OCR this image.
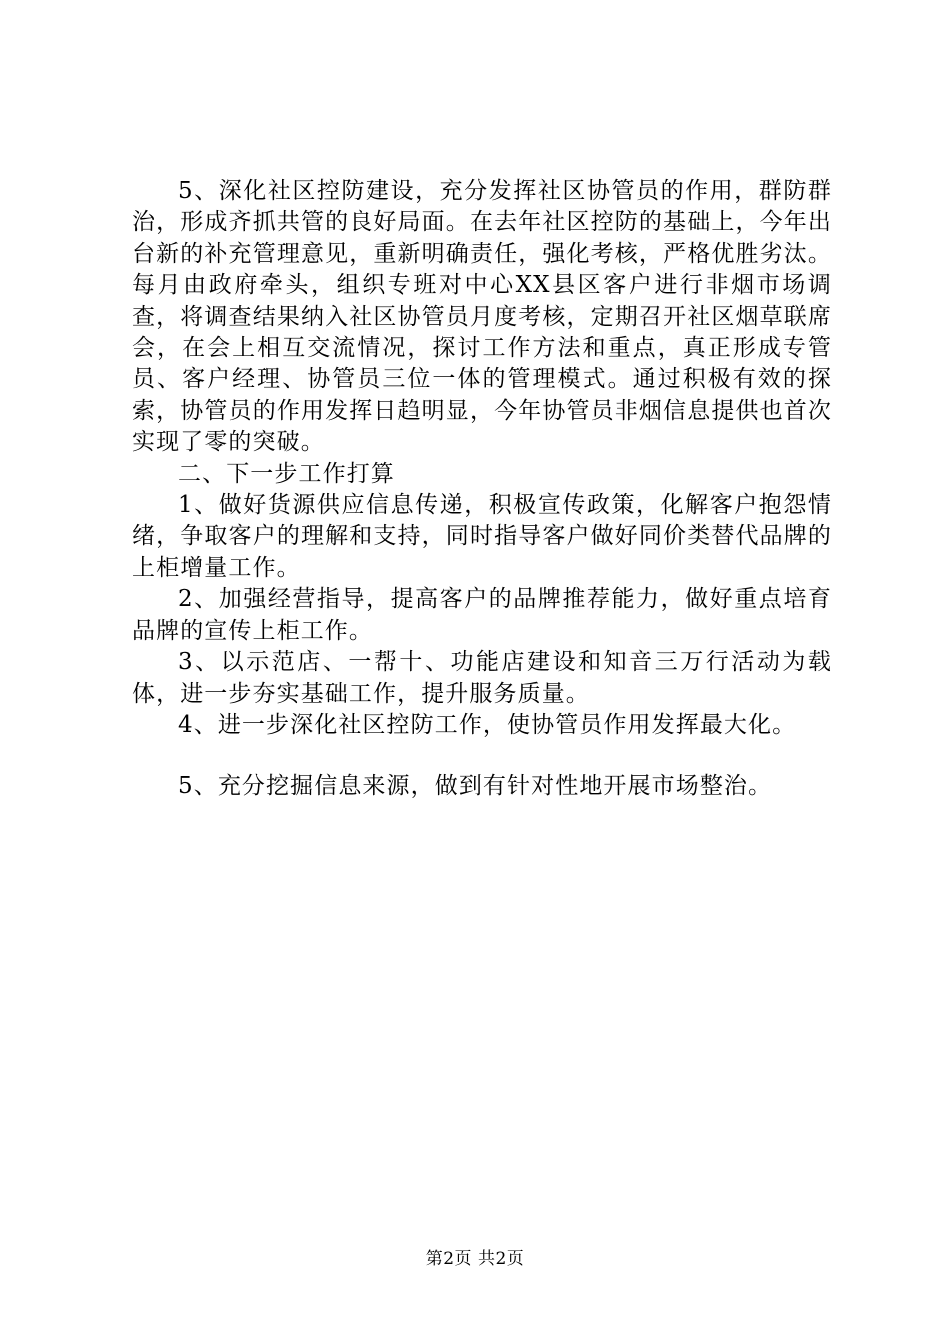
5、深化社区控防建设，充分发挥社区协管员的作用，群防群治，形成齐抓共管的良好局面。在去年社区控防的基础上，今年出台新的补充管理意见，重新明确责任，强化考核，严格优胜劣汰。每月由政府牵头，组织专班对中心XX县区客户进行非烟市场调查，将调查结果纳入社区协管员月度考核，定期召开社区烟草联席会，在会上相互交流情况，探讨工作方法和重点，真正形成专管员、客户经理、协管员三位一体的管理模式。通过积极有效的探索，协管员的作用发挥日趋明显，今年协管员非烟信息提供也首次实现了零的突破。

二、下一步工作打算

1、做好货源供应信息传递，积极宣传政策，化解客户抱怨情绪，争取客户的理解和支持，同时指导客户做好同价类替代品牌的上柜增量工作。

2、加强经营指导，提高客户的品牌推荐能力，做好重点培育品牌的宣传上柜工作。

3、以示范店、一帮十、功能店建设和知音三万行活动为载体，进一步夯实基础工作，提升服务质量。

4、进一步深化社区控防工作，使协管员作用发挥最大化。

5、充分挖掘信息来源，做到有针对性地开展市场整治。

第2页 共2页
